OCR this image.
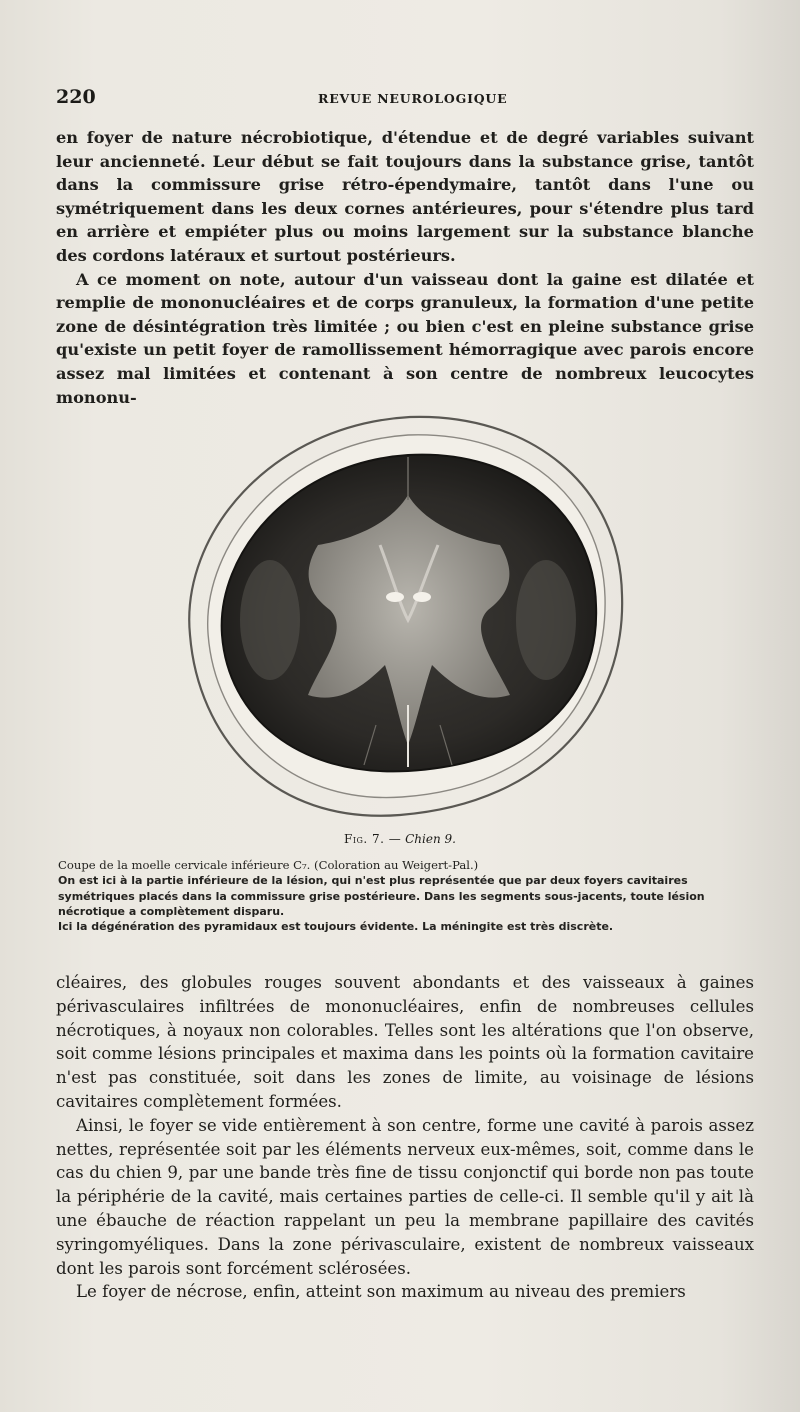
220	REVUE NEUROLOGIQUE

en foyer de nature nécrobiotique, d'étendue et de degré variables suivant leur ancienneté. Leur début se fait toujours dans la substance grise, tantôt dans la commissure grise rétro-épendymaire, tantôt dans l'une ou symétriquement dans les deux cornes antérieures, pour s'étendre plus tard en arrière et empiéter plus ou moins largement sur la substance blanche des cordons latéraux et surtout postérieurs.

A ce moment on note, autour d'un vaisseau dont la gaine est dilatée et remplie de mononucléaires et de corps granuleux, la formation d'une petite zone de désintégration très limitée ; ou bien c'est en pleine substance grise qu'existe un petit foyer de ramollissement hémorragique avec parois encore assez mal limitées et contenant à son centre de nombreux leucocytes mononu-

Fig. 7. — Chien 9.

Coupe de la moelle cervicale inférieure C₇. (Coloration au Weigert-Pal.)

On est ici à la partie inférieure de la lésion, qui n'est plus représentée que par deux foyers cavitaires symétriques placés dans la commissure grise postérieure. Dans les segments sous-jacents, toute lésion nécrotique a complètement disparu.

Ici la dégénération des pyramidaux est toujours évidente. La méningite est très discrète.

cléaires, des globules rouges souvent abondants et des vaisseaux à gaines périvasculaires infiltrées de mononucléaires, enfin de nombreuses cellules nécrotiques, à noyaux non colorables. Telles sont les altérations que l'on observe, soit comme lésions principales et maxima dans les points où la formation cavitaire n'est pas constituée, soit dans les zones de limite, au voisinage de lésions cavitaires complètement formées.

Ainsi, le foyer se vide entièrement à son centre, forme une cavité à parois assez nettes, représentée soit par les éléments nerveux eux-mêmes, soit, comme dans le cas du chien 9, par une bande très fine de tissu conjonctif qui borde non pas toute la périphérie de la cavité, mais certaines parties de celle-ci. Il semble qu'il y ait là une ébauche de réaction rappelant un peu la membrane papillaire des cavités syringomyéliques. Dans la zone périvasculaire, existent de nombreux vaisseaux dont les parois sont forcément sclérosées.

Le foyer de nécrose, enfin, atteint son maximum au niveau des premiers
